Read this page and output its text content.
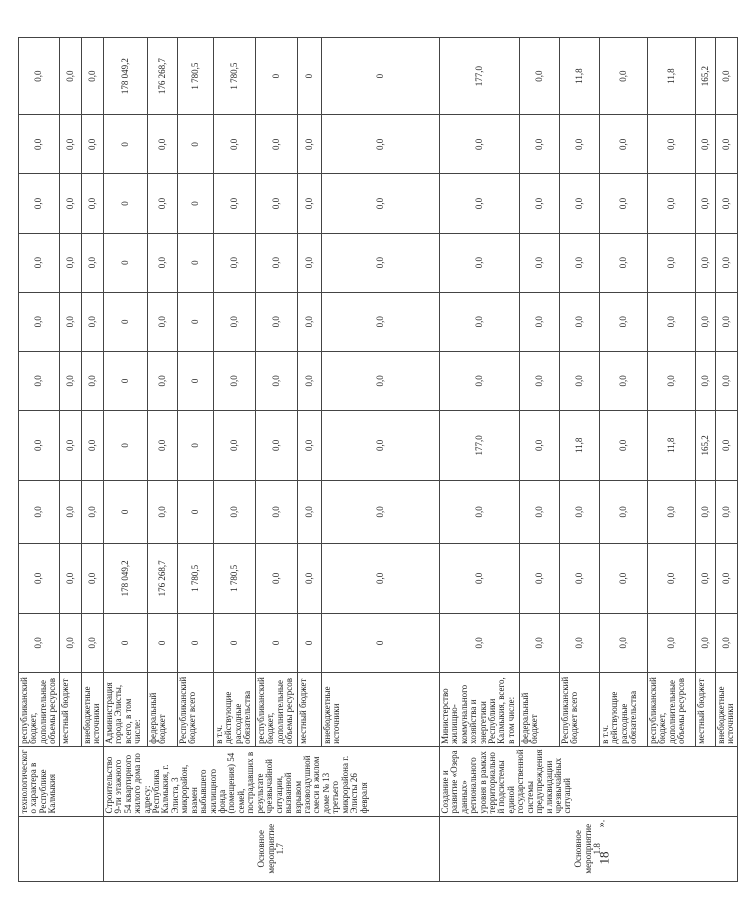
	технологического характера в Республике Калмыкия	республиканский бюджет, дополнительные объемы ресурсов	0,0	0,0	0,0	0,0	0,0	0,0	0,0	0,0	0,0	0,0
		местный бюджет	0,0	0,0	0,0	0,0	0,0	0,0	0,0	0,0	0,0	0,0
		внебюджетные источники	0,0	0,0	0,0	0,0	0,0	0,0	0,0	0,0	0,0	0,0
Основное мероприятие 1.7	Строительство 9-ти этажного 54 квартирного жилого дома по адресу: Республика Калмыкия, г. Элиста, 3 микрорайон, взамен выбывшего жилищного фонда (помещения) 54 семей, пострадавших в результате чрезвычайной ситуации, вызванной взрывом газовоздушной смеси в жилом доме № 13 третьего микрорайона г. Элисты 26 февраля	Администрация города Элисты, всего, в том числе:	0	178 049,2	0	0	0	0	0	0	0	178 049,2
		федеральный бюджет	0	176 268,7	0,0	0,0	0,0	0,0	0,0	0,0	0,0	176 268,7
		Республиканский бюджет всего	0	1 780,5	0	0	0	0	0	0	0	1 780,5
		в т.ч. действующие расходные обязательства	0	1 780,5	0,0	0,0	0,0	0,0	0,0	0,0	0,0	1 780,5
		республиканский бюджет, дополнительные объемы ресурсов	0	0,0	0,0	0,0	0,0	0,0	0,0	0,0	0,0	0
		местный бюджет	0	0,0	0,0	0,0	0,0	0,0	0,0	0,0	0,0	0
		внебюджетные источники	0	0,0	0,0	0,0	0,0	0,0	0,0	0,0	0,0	0
Основное мероприятие 1.8	Создание и развитие «Озера данных» регионального уровня в рамках территориальной подсистемы единой государственной системы предупреждения и ликвидации чрезвычайных ситуаций	Министерство жилищно-коммунального хозяйства и энергетики Республики Калмыкия, всего, в том числе:	0,0	0,0	0,0	177,0	0,0	0,0	0,0	0,0	0,0	177,0
		федеральный бюджет	0,0	0,0	0,0	0,0	0,0	0,0	0,0	0,0	0,0	0,0
		Республиканский бюджет всего	0,0	0,0	0,0	11,8	0,0	0,0	0,0	0,0	0,0	11,8
		в т.ч. действующие расходные обязательства	0,0	0,0	0,0	0,0	0,0	0,0	0,0	0,0	0,0	0,0
		республиканский бюджет, дополнительные объемы ресурсов	0,0	0,0	0,0	11,8	0,0	0,0	0,0	0,0	0,0	11,8
		местный бюджет	0,0	0,0	0,0	165,2	0,0	0,0	0,0	0,0	0,0	165,2
		внебюджетные источники	0,0	0,0	0,0	0,0	0,0	0,0	0,0	0,0	0,0	0,0
».
18
